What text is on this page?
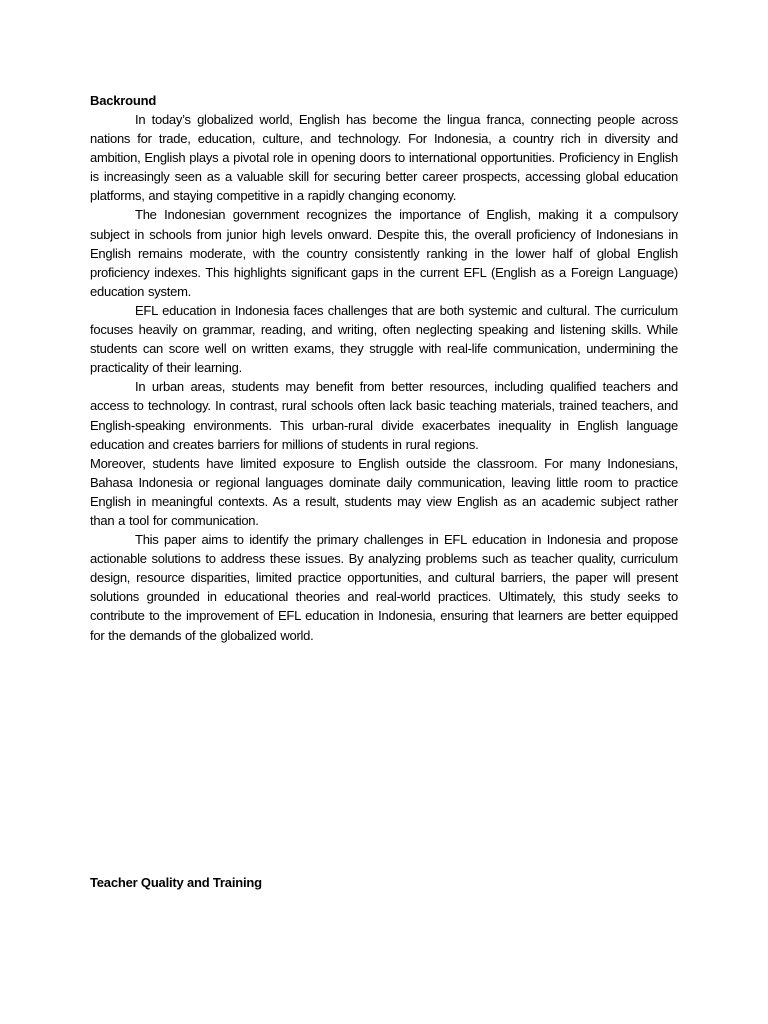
Backround

In today’s globalized world, English has become the lingua franca, connecting people across nations for trade, education, culture, and technology. For Indonesia, a country rich in diversity and ambition, English plays a pivotal role in opening doors to international opportunities. Proficiency in English is increasingly seen as a valuable skill for securing better career prospects, accessing global education platforms, and staying competitive in a rapidly changing economy.

The Indonesian government recognizes the importance of English, making it a compulsory subject in schools from junior high levels onward. Despite this, the overall proficiency of Indonesians in English remains moderate, with the country consistently ranking in the lower half of global English proficiency indexes. This highlights significant gaps in the current EFL (English as a Foreign Language) education system.

EFL education in Indonesia faces challenges that are both systemic and cultural. The curriculum focuses heavily on grammar, reading, and writing, often neglecting speaking and listening skills. While students can score well on written exams, they struggle with real-life communication, undermining the practicality of their learning.

In urban areas, students may benefit from better resources, including qualified teachers and access to technology. In contrast, rural schools often lack basic teaching materials, trained teachers, and English-speaking environments. This urban-rural divide exacerbates inequality in English language education and creates barriers for millions of students in rural regions.

Moreover, students have limited exposure to English outside the classroom. For many Indonesians, Bahasa Indonesia or regional languages dominate daily communication, leaving little room to practice English in meaningful contexts. As a result, students may view English as an academic subject rather than a tool for communication.

This paper aims to identify the primary challenges in EFL education in Indonesia and propose actionable solutions to address these issues. By analyzing problems such as teacher quality, curriculum design, resource disparities, limited practice opportunities, and cultural barriers, the paper will present solutions grounded in educational theories and real-world practices. Ultimately, this study seeks to contribute to the improvement of EFL education in Indonesia, ensuring that learners are better equipped for the demands of the globalized world.

Teacher Quality and Training
